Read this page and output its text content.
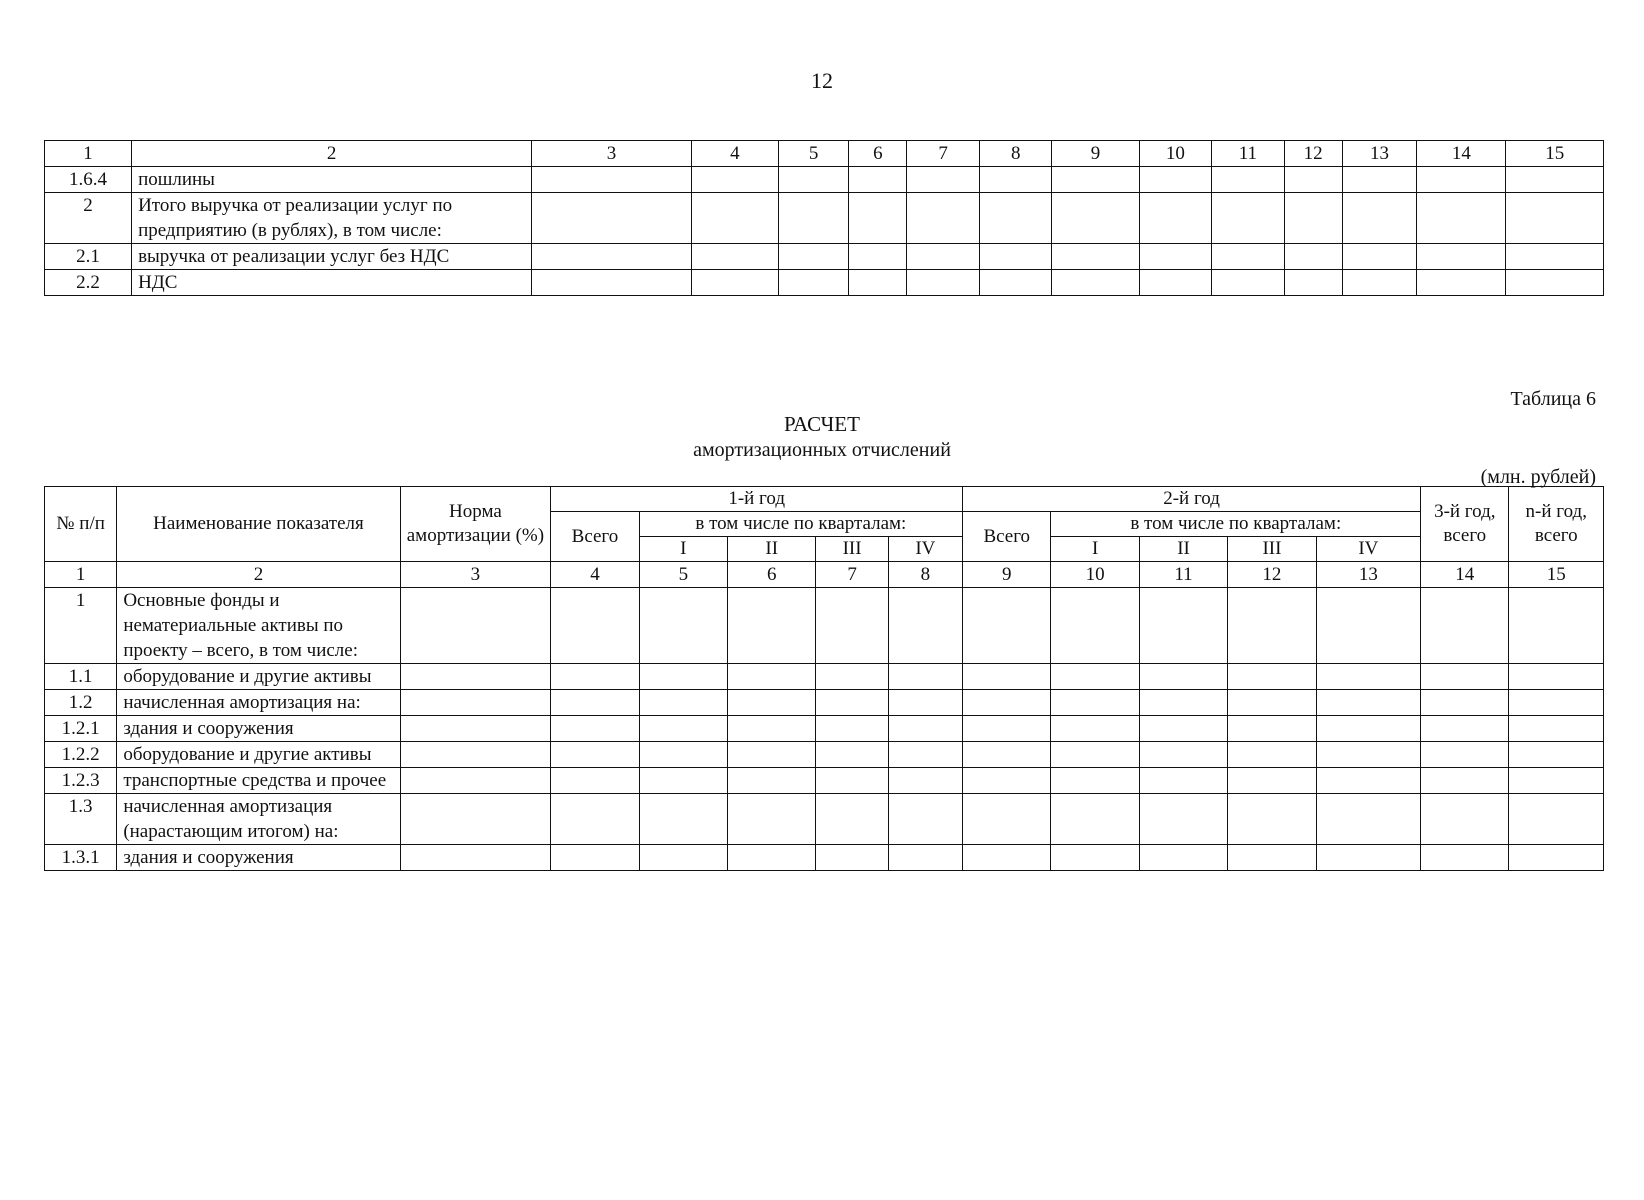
12
1	2	3	4	5	6	7	8	9	10	11	12	13	14	15
1.6.4	пошлины													
2	Итого выручка от реализации услуг по предприятию (в рублях), в том числе:													
2.1	выручка от реализации услуг без НДС													
2.2	НДС													
Таблица 6
РАСЧЕТ
амортизационных отчислений
(млн. рублей)
№ п/п	Наименование показателя	Норма амортизации (%)	1-й год					2-й год					3-й год, всего	n-й год, всего
			Всего	в том числе по кварталам:				Всего	в том числе по кварталам:					
				I	II	III	IV		I	II	III	IV		
1	2	3	4	5	6	7	8	9	10	11	12	13	14	15
1	Основные фонды и нематериальные активы по проекту – всего, в том числе:													
1.1	оборудование и другие активы													
1.2	начисленная амортизация на:													
1.2.1	здания и сооружения													
1.2.2	оборудование и другие активы													
1.2.3	транспортные средства и прочее													
1.3	начисленная амортизация (нарастающим итогом) на:													
1.3.1	здания и сооружения													
